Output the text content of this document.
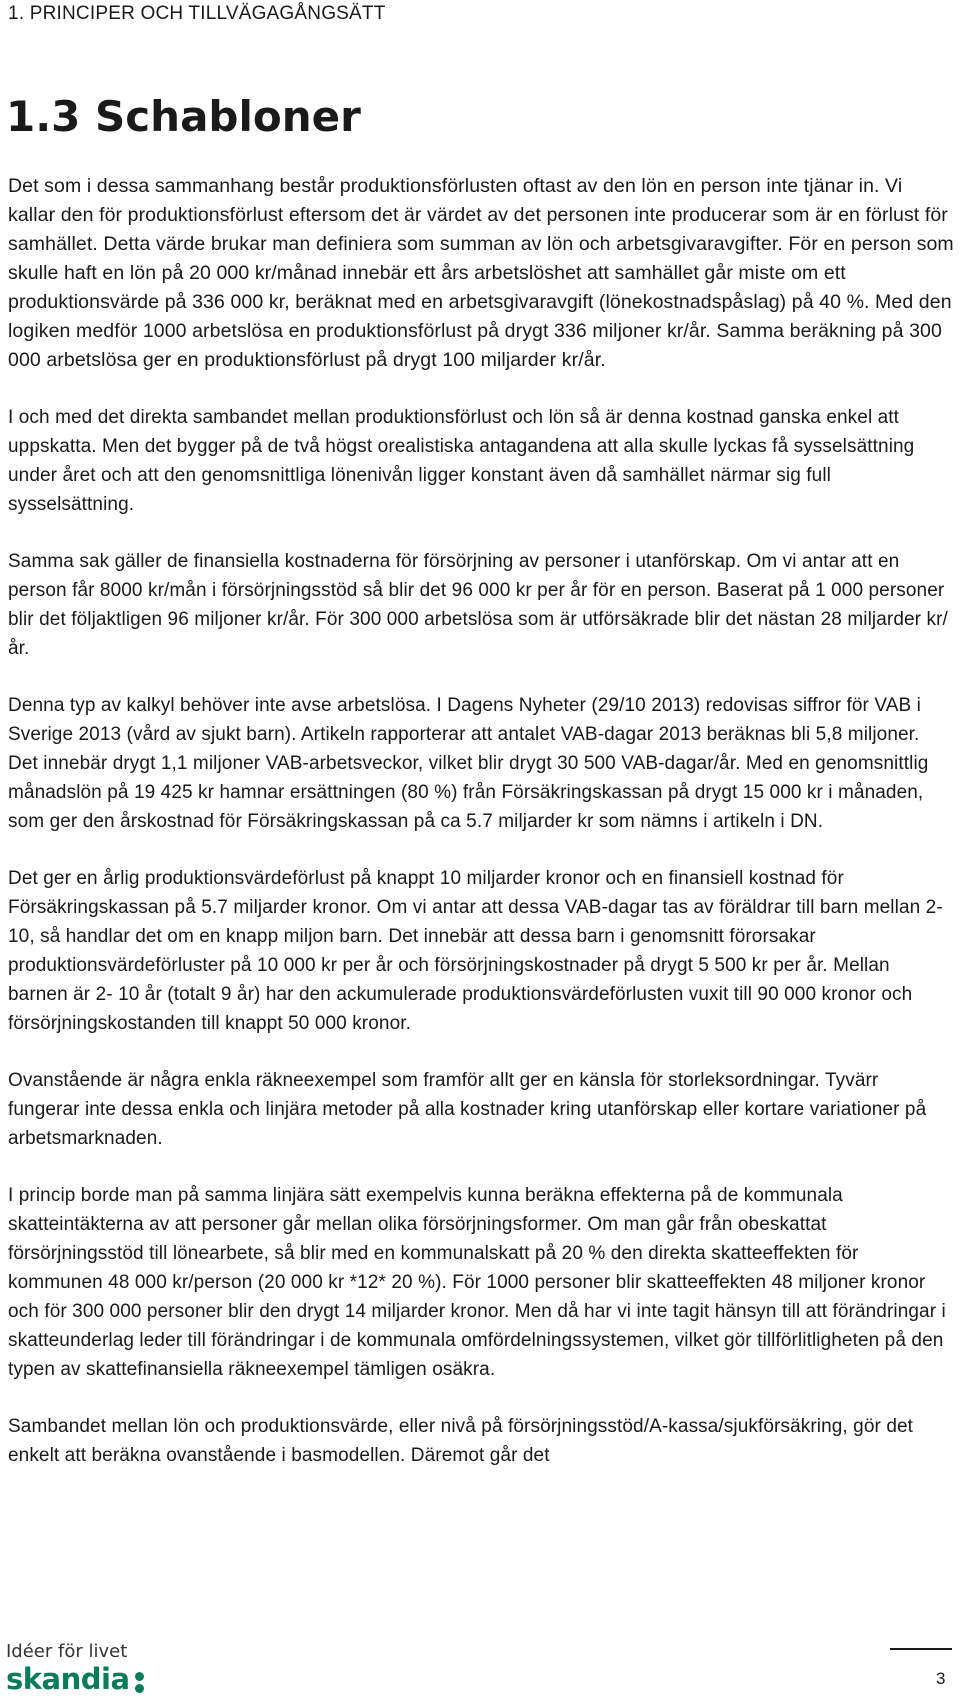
1. PRINCIPER OCH TILLVÄGAGÅNGSÄTT
1.3 Schabloner

Det som i dessa sammanhang består produktionsförlusten oftast av den lön en person inte tjänar in. Vi kallar den för produktionsförlust eftersom det är värdet av det personen inte producerar som är en förlust för samhället. Detta värde brukar man definiera som summan av lön och arbetsgivaravgifter. För en person som skulle haft en lön på 20 000 kr/månad innebär ett års arbetslöshet att samhället går miste om ett produktionsvärde på 336 000 kr, beräknat med en arbetsgivaravgift (lönekostnadspåslag) på 40 %. Med den logiken medför 1000 arbetslösa en produktionsförlust på drygt 336 miljoner kr/år. Samma beräkning på 300 000 arbetslösa ger en produktionsförlust på drygt 100 miljarder kr/år.

I och med det direkta sambandet mellan produktionsförlust och lön så är denna kostnad ganska enkel att uppskatta. Men det bygger på de två högst orealistiska antagandena att alla skulle lyckas få sysselsättning under året och att den genomsnittliga lönenivån ligger konstant även då samhället närmar sig full sysselsättning.

Samma sak gäller de finansiella kostnaderna för försörjning av personer i utanförskap. Om vi antar att en person får 8000 kr/mån i försörjningsstöd så blir det 96 000 kr per år för en person. Baserat på 1 000 personer blir det följaktligen 96 miljoner kr/år. För 300 000 arbetslösa som är utförsäkrade blir det nästan 28 miljarder kr/år.

Denna typ av kalkyl behöver inte avse arbetslösa. I Dagens Nyheter (29/10 2013) redovisas siffror för VAB i Sverige 2013 (vård av sjukt barn). Artikeln rapporterar att antalet VAB-dagar 2013 beräknas bli 5,8 miljoner. Det innebär drygt 1,1 miljoner VAB-arbetsveckor, vilket blir drygt 30 500 VAB-dagar/år. Med en genomsnittlig månadslön på 19 425 kr hamnar ersättningen (80 %) från Försäkringskassan på drygt 15 000 kr i månaden, som ger den årskostnad för Försäkringskassan på ca 5.7 miljarder kr som nämns i artikeln i DN.

Det ger en årlig produktionsvärdeförlust på knappt 10 miljarder kronor och en finansiell kostnad för Försäkringskassan på 5.7 miljarder kronor. Om vi antar att dessa VAB-dagar tas av föräldrar till barn mellan 2-10, så handlar det om en knapp miljon barn. Det innebär att dessa barn i genomsnitt förorsakar produktionsvärdeförluster på 10 000 kr per år och försörjningskostnader på drygt 5 500 kr per år. Mellan barnen är 2- 10 år (totalt 9 år) har den ackumulerade produktionsvärdeförlusten vuxit till 90 000 kronor och försörjningskostanden till knappt 50 000 kronor.

Ovanstående är några enkla räkneexempel som framför allt ger en känsla för storleksordningar. Tyvärr fungerar inte dessa enkla och linjära metoder på alla kostnader kring utanförskap eller kortare variationer på arbetsmarknaden.

I princip borde man på samma linjära sätt exempelvis kunna beräkna effekterna på de kommunala skatteintäkterna av att personer går mellan olika försörjningsformer. Om man går från obeskattat försörjningsstöd till lönearbete, så blir med en kommunalskatt på 20 % den direkta skatteeffekten för kommunen 48 000 kr/person (20 000 kr *12* 20 %). För 1000 personer blir skatteeffekten 48 miljoner kronor och för 300 000 personer blir den drygt 14 miljarder kronor. Men då har vi inte tagit hänsyn till att förändringar i skatteunderlag leder till förändringar i de kommunala omfördelningssystemen, vilket gör tillförlitligheten på den typen av skattefinansiella räkneexempel tämligen osäkra.

Sambandet mellan lön och produktionsvärde, eller nivå på försörjningsstöd/A-kassa/sjukförsäkring, gör det enkelt att beräkna ovanstående i basmodellen. Däremot går det

Idéer för livet
skandia	3
